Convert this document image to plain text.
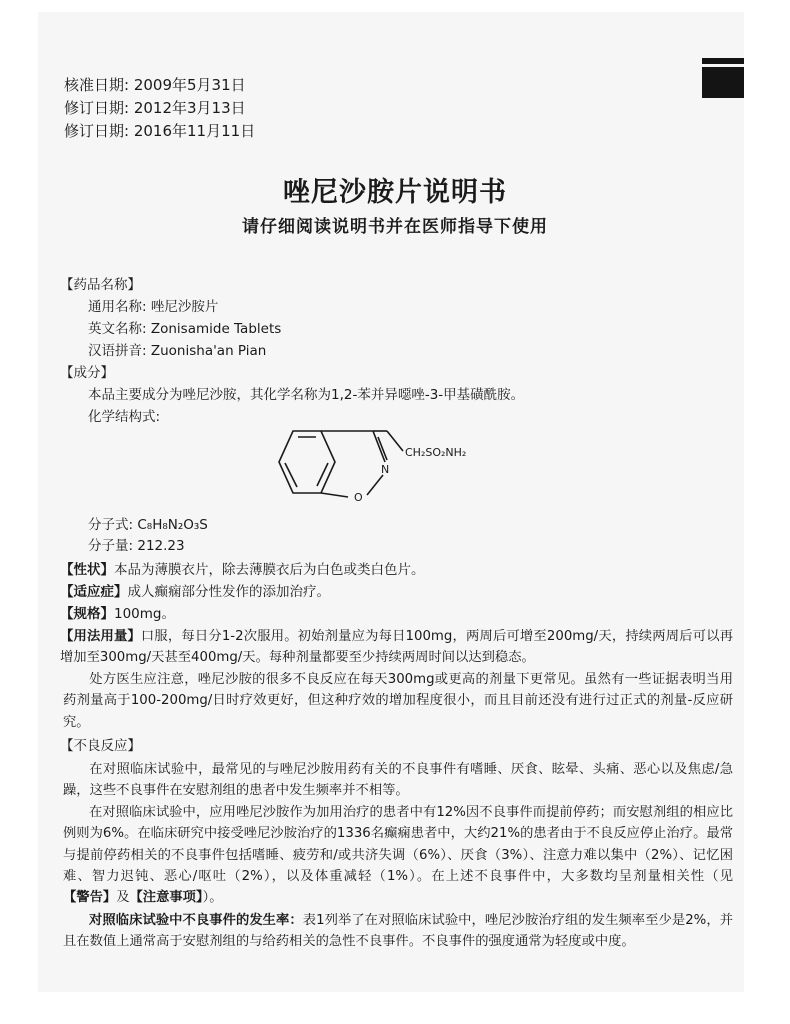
核准日期: 2009年5月31日
修订日期: 2012年3月13日
修订日期: 2016年11月11日
唑尼沙胺片说明书
请仔细阅读说明书并在医师指导下使用
【药品名称】
通用名称: 唑尼沙胺片
英文名称: Zonisamide Tablets
汉语拼音: Zuonisha'an Pian
【成分】
本品主要成分为唑尼沙胺，其化学名称为1,2-苯并异噁唑-3-甲基磺酰胺。
化学结构式:
CH₂SO₂NH₂
O
N
分子式: C₈H₈N₂O₃S
分子量: 212.23
【性状】本品为薄膜衣片，除去薄膜衣后为白色或类白色片。
【适应症】成人癫痫部分性发作的添加治疗。
【规格】100mg。
【用法用量】口服，每日分1-2次服用。初始剂量应为每日100mg，两周后可增至200mg/天，持续两周后可以再增加至300mg/天甚至400mg/天。每种剂量都要至少持续两周时间以达到稳态。
处方医生应注意，唑尼沙胺的很多不良反应在每天300mg或更高的剂量下更常见。虽然有一些证据表明当用药剂量高于100-200mg/日时疗效更好，但这种疗效的增加程度很小，而且目前还没有进行过正式的剂量-反应研究。
【不良反应】
在对照临床试验中，最常见的与唑尼沙胺用药有关的不良事件有嗜睡、厌食、眩晕、头痛、恶心以及焦虑/急躁，这些不良事件在安慰剂组的患者中发生频率并不相等。
在对照临床试验中，应用唑尼沙胺作为加用治疗的患者中有12%因不良事件而提前停药；而安慰剂组的相应比例则为6%。在临床研究中接受唑尼沙胺治疗的1336名癫痫患者中，大约21%的患者由于不良反应停止治疗。最常与提前停药相关的不良事件包括嗜睡、疲劳和/或共济失调（6%）、厌食（3%）、注意力难以集中（2%）、记忆困难、智力迟钝、恶心/呕吐（2%），以及体重减轻（1%）。在上述不良事件中，大多数均呈剂量相关性（见【警告】及【注意事项】）。
对照临床试验中不良事件的发生率：表1列举了在对照临床试验中，唑尼沙胺治疗组的发生频率至少是2%，并且在数值上通常高于安慰剂组的与给药相关的急性不良事件。不良事件的强度通常为轻度或中度。
